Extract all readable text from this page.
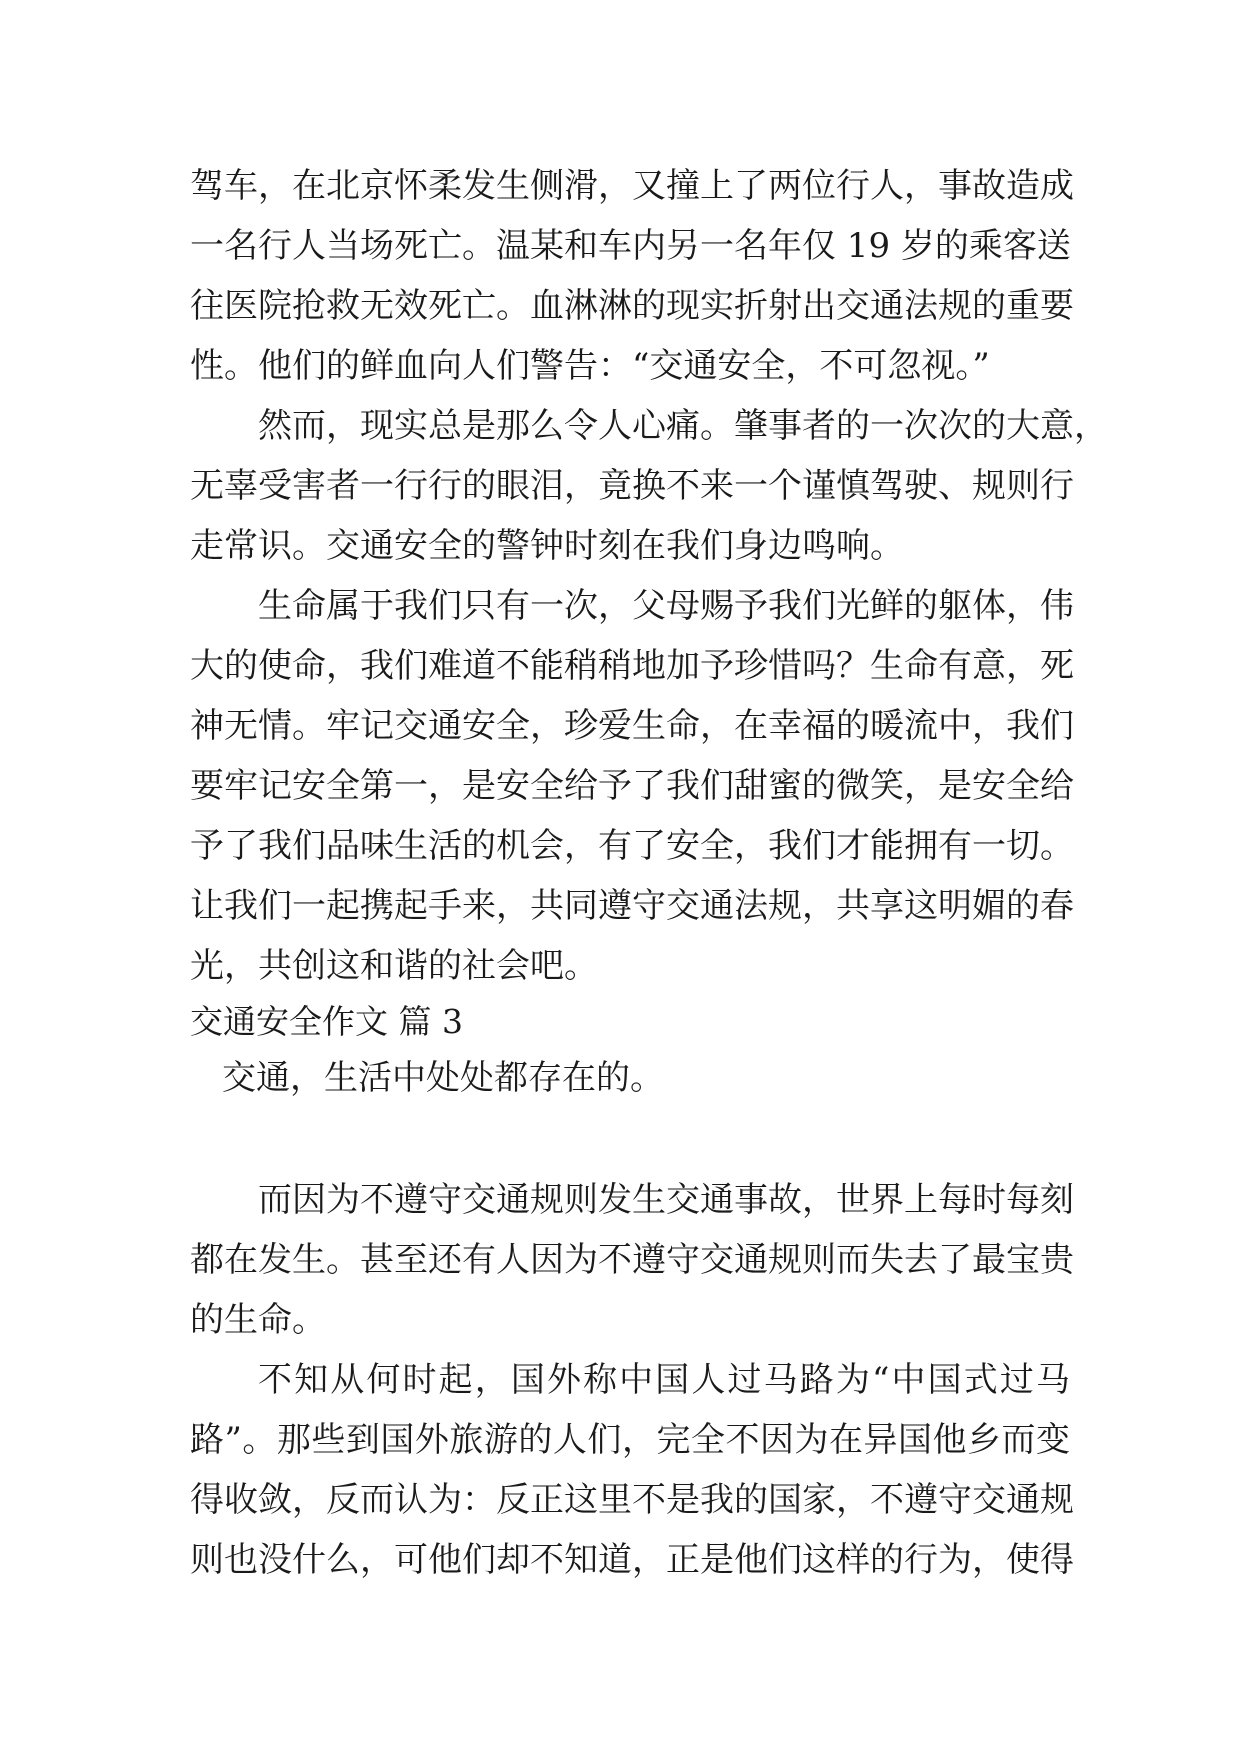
驾车，在北京怀柔发生侧滑，又撞上了两位行人，事故造成
一名行人当场死亡。温某和车内另一名年仅 19 岁的乘客送
往医院抢救无效死亡。血淋淋的现实折射出交通法规的重要
性。他们的鲜血向人们警告：“交通安全，不可忽视。”
然而，现实总是那么令人心痛。肇事者的一次次的大意，
无辜受害者一行行的眼泪，竟换不来一个谨慎驾驶、规则行
走常识。交通安全的警钟时刻在我们身边鸣响。
生命属于我们只有一次，父母赐予我们光鲜的躯体，伟
大的使命，我们难道不能稍稍地加予珍惜吗？生命有意，死
神无情。牢记交通安全，珍爱生命，在幸福的暖流中，我们
要牢记安全第一，是安全给予了我们甜蜜的微笑，是安全给
予了我们品味生活的机会，有了安全，我们才能拥有一切。
让我们一起携起手来，共同遵守交通法规，共享这明媚的春
光，共创这和谐的社会吧。
交通安全作文 篇 3
交通，生活中处处都存在的。
而因为不遵守交通规则发生交通事故，世界上每时每刻
都在发生。甚至还有人因为不遵守交通规则而失去了最宝贵
的生命。
不知从何时起，国外称中国人过马路为“中国式过马
路”。那些到国外旅游的人们，完全不因为在异国他乡而变
得收敛，反而认为：反正这里不是我的国家，不遵守交通规
则也没什么，可他们却不知道，正是他们这样的行为，使得
